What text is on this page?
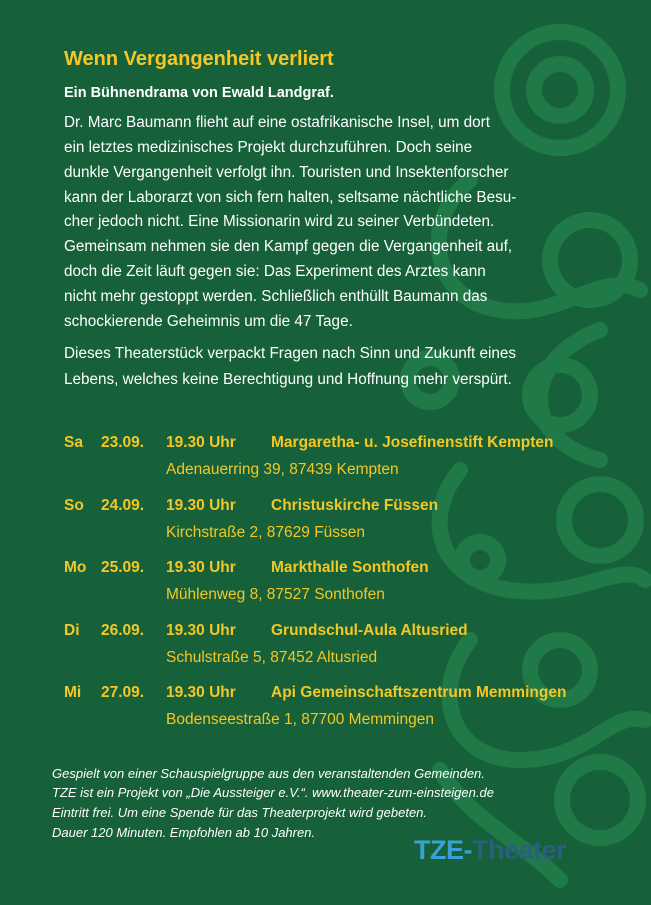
Wenn Vergangenheit verliert
Ein Bühnendrama von Ewald Landgraf.
Dr. Marc Baumann flieht auf eine ostafrikanische Insel, um dort
ein letztes medizinisches Projekt durchzuführen. Doch seine
dunkle Vergangenheit verfolgt ihn. Touristen und Insektenforscher
kann der Laborarzt von sich fern halten, seltsame nächtliche Besu-
cher jedoch nicht. Eine Missionarin wird zu seiner Verbündeten.
Gemeinsam nehmen sie den Kampf gegen die Vergangenheit auf,
doch die Zeit läuft gegen sie: Das Experiment des Arztes kann
nicht mehr gestoppt werden. Schließlich enthüllt Baumann das
schockierende Geheimnis um die 47 Tage.
Dieses Theaterstück verpackt Fragen nach Sinn und Zukunft eines
Lebens, welches keine Berechtigung und Hoffnung mehr verspürt.
Sa 23.09. 19.30 Uhr Margaretha- u. Josefinenstift Kempten
Adenauerring 39, 87439 Kempten
So 24.09. 19.30 Uhr Christuskirche Füssen
Kirchstraße 2, 87629 Füssen
Mo 25.09. 19.30 Uhr Markthalle Sonthofen
Mühlenweg 8, 87527 Sonthofen
Di 26.09. 19.30 Uhr Grundschul-Aula Altusried
Schulstraße 5, 87452 Altusried
Mi 27.09. 19.30 Uhr Api Gemeinschaftszentrum Memmingen
Bodenseestraße 1, 87700 Memmingen
Gespielt von einer Schauspielgruppe aus den veranstaltenden Gemeinden.
TZE ist ein Projekt von „Die Aussteiger e.V.“. www.theater-zum-einsteigen.de
Eintritt frei. Um eine Spende für das Theaterprojekt wird gebeten.
Dauer 120 Minuten. Empfohlen ab 10 Jahren.
TZE-Theater
